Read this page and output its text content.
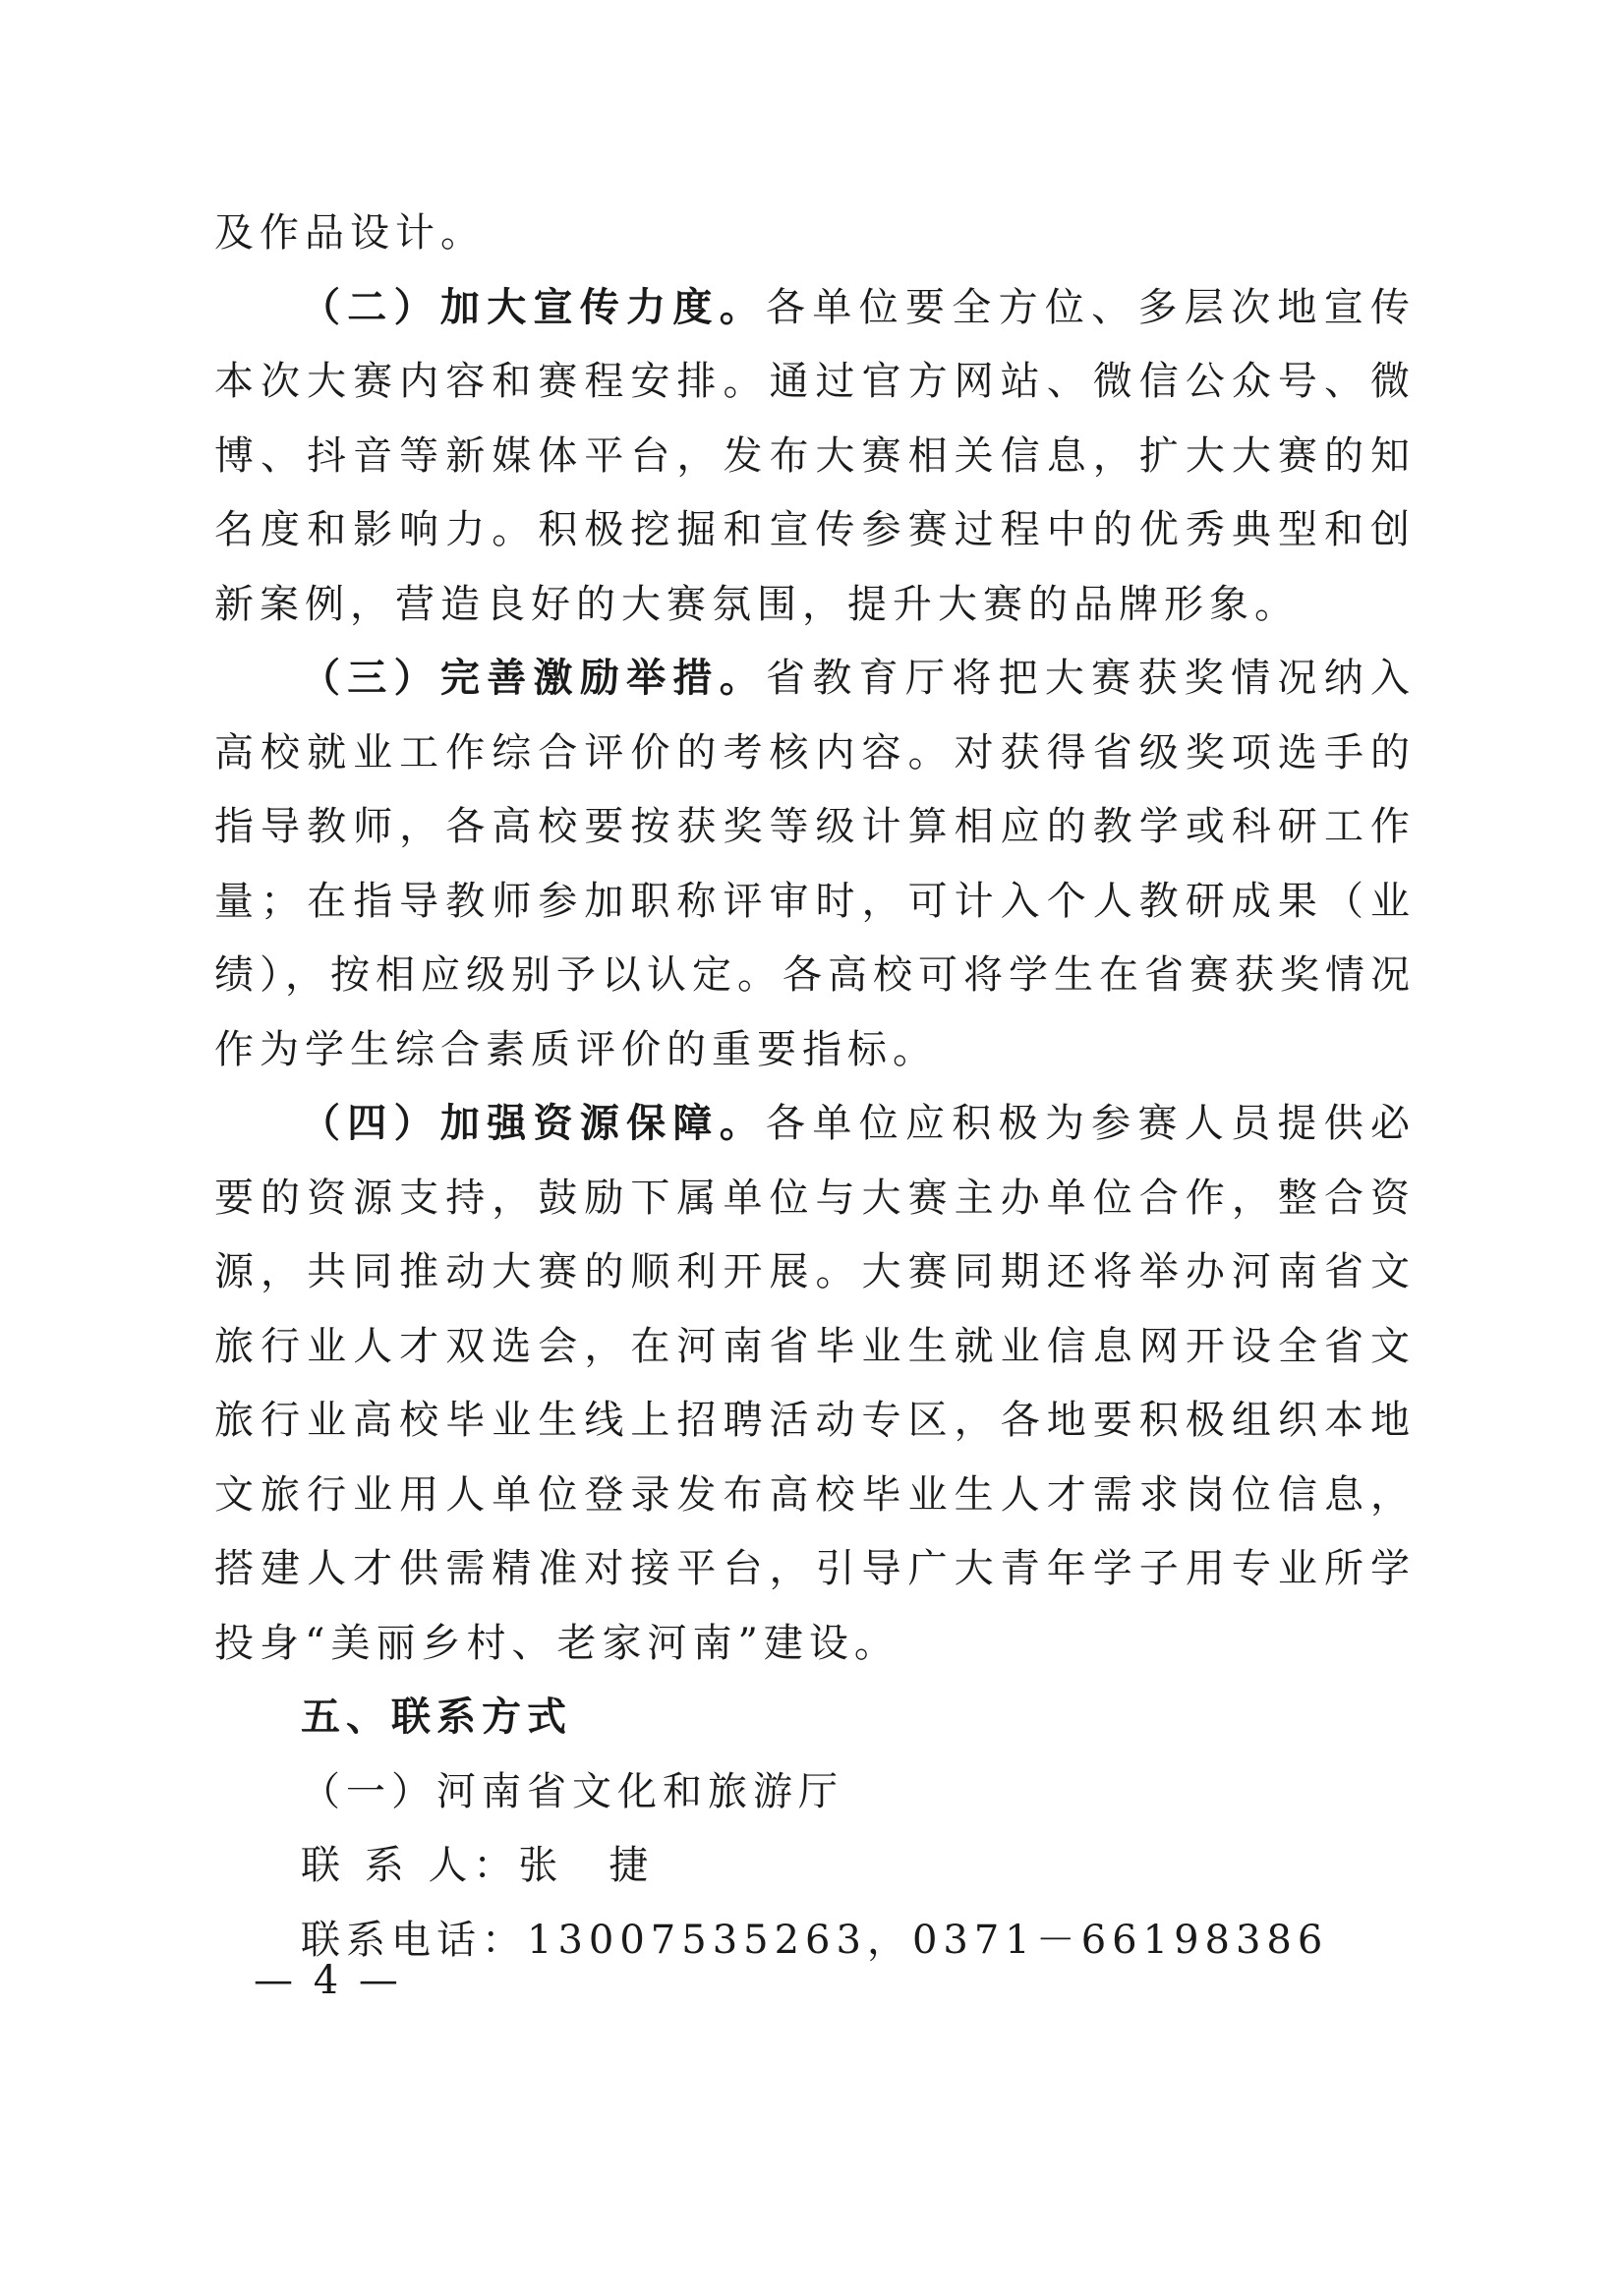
及作品设计。

（二）加大宣传力度。各单位要全方位、多层次地宣传本次大赛内容和赛程安排。通过官方网站、微信公众号、微博、抖音等新媒体平台，发布大赛相关信息，扩大大赛的知名度和影响力。积极挖掘和宣传参赛过程中的优秀典型和创新案例，营造良好的大赛氛围，提升大赛的品牌形象。

（三）完善激励举措。省教育厅将把大赛获奖情况纳入高校就业工作综合评价的考核内容。对获得省级奖项选手的指导教师，各高校要按获奖等级计算相应的教学或科研工作量；在指导教师参加职称评审时，可计入个人教研成果（业绩），按相应级别予以认定。各高校可将学生在省赛获奖情况作为学生综合素质评价的重要指标。

（四）加强资源保障。各单位应积极为参赛人员提供必要的资源支持，鼓励下属单位与大赛主办单位合作，整合资源，共同推动大赛的顺利开展。大赛同期还将举办河南省文旅行业人才双选会，在河南省毕业生就业信息网开设全省文旅行业高校毕业生线上招聘活动专区，各地要积极组织本地文旅行业用人单位登录发布高校毕业生人才需求岗位信息，搭建人才供需精准对接平台，引导广大青年学子用专业所学投身“美丽乡村、老家河南”建设。

五、联系方式

（一）河南省文化和旅游厅

联 系 人：张　捷

联系电话：13007535263，0371－66198386

— 4 —
